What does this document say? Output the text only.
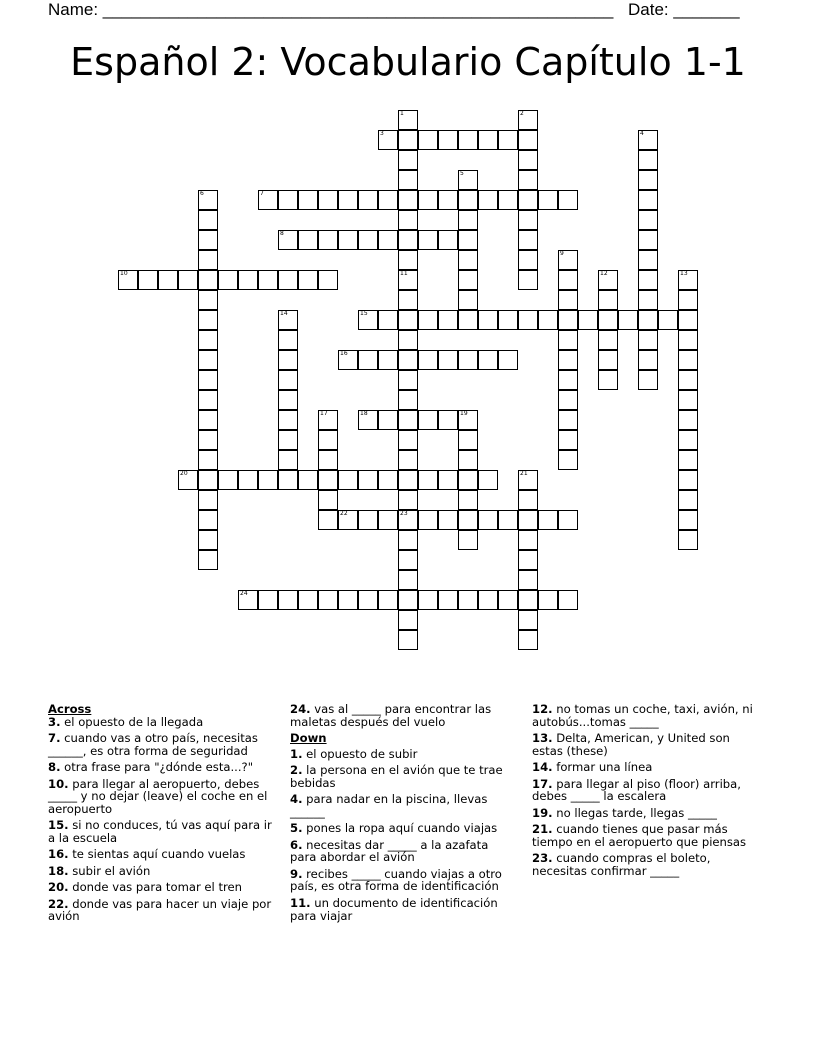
Name: ______________________________________________________ Date: _______
Español 2: Vocabulario Capítulo 1-1
1	2
3	4
5
6	7
8
9
10	11	12	13
14	15
16
17	18	19
20	21
22	23
24
Across
3. el opuesto de la llegada
7. cuando vas a otro país, necesitas ______, es otra forma de seguridad
8. otra frase para "¿dónde esta...?"
10. para llegar al aeropuerto, debes _____ y no dejar (leave) el coche en el aeropuerto
15. si no conduces, tú vas aquí para ir a la escuela
16. te sientas aquí cuando vuelas
18. subir el avión
20. donde vas para tomar el tren
22. donde vas para hacer un viaje por avión
24. vas al _____ para encontrar las maletas después del vuelo
Down
1. el opuesto de subir
2. la persona en el avión que te trae bebidas
4. para nadar en la piscina, llevas ______
5. pones la ropa aquí cuando viajas
6. necesitas dar _____ a la azafata para abordar el avión
9. recibes _____ cuando viajas a otro país, es otra forma de identificación
11. un documento de identificación para viajar
12. no tomas un coche, taxi, avión, ni autobús...tomas _____
13. Delta, American, y United son estas (these)
14. formar una línea
17. para llegar al piso (floor) arriba, debes _____ la escalera
19. no llegas tarde, llegas _____
21. cuando tienes que pasar más tiempo en el aeropuerto que piensas
23. cuando compras el boleto, necesitas confirmar _____
